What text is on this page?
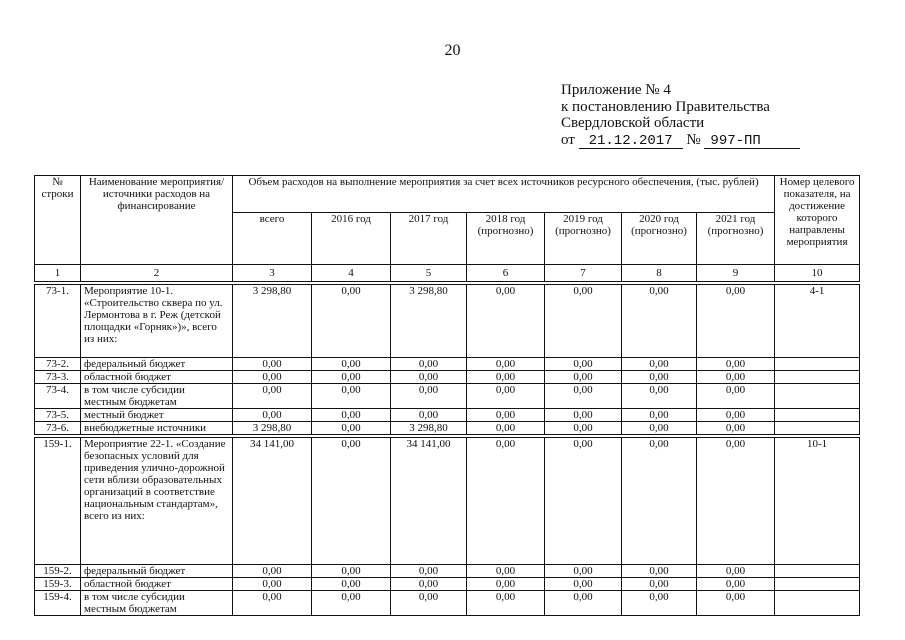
20
Приложение № 4
к постановлению Правительства
Свердловской области
от 21.12.2017 № 997-ПП
№ строки	Наименование мероприятия/источники расходов на финансирование	Объем расходов на выполнение мероприятия за счет всех источников ресурсного обеспечения, (тыс. рублей)							Номер целевого показателя, на достижение которого направлены мероприятия
		всего	2016 год	2017 год	2018 год (прогнозно)	2019 год (прогнозно)	2020 год (прогнозно)	2021 год (прогнозно)	
1	2	3	4	5	6	7	8	9	10

73-1.	Мероприятие 10-1. «Строительство сквера по ул. Лермонтова в г. Реж (детской площадки «Горняк»)», всего из них:	3 298,80	0,00	3 298,80	0,00	0,00	0,00	0,00	4-1
73-2.	федеральный бюджет	0,00	0,00	0,00	0,00	0,00	0,00	0,00	
73-3.	областной бюджет	0,00	0,00	0,00	0,00	0,00	0,00	0,00	
73-4.	в том числе субсидии местным бюджетам	0,00	0,00	0,00	0,00	0,00	0,00	0,00	
73-5.	местный бюджет	0,00	0,00	0,00	0,00	0,00	0,00	0,00	
73-6.	внебюджетные источники	3 298,80	0,00	3 298,80	0,00	0,00	0,00	0,00	

159-1.	Мероприятие 22-1. «Создание безопасных условий для приведения улично-дорожной сети вблизи образовательных организаций в соответствие национальным стандартам», всего из них:	34 141,00	0,00	34 141,00	0,00	0,00	0,00	0,00	10-1
159-2.	федеральный бюджет	0,00	0,00	0,00	0,00	0,00	0,00	0,00	
159-3.	областной бюджет	0,00	0,00	0,00	0,00	0,00	0,00	0,00	
159-4.	в том числе субсидии местным бюджетам	0,00	0,00	0,00	0,00	0,00	0,00	0,00	
